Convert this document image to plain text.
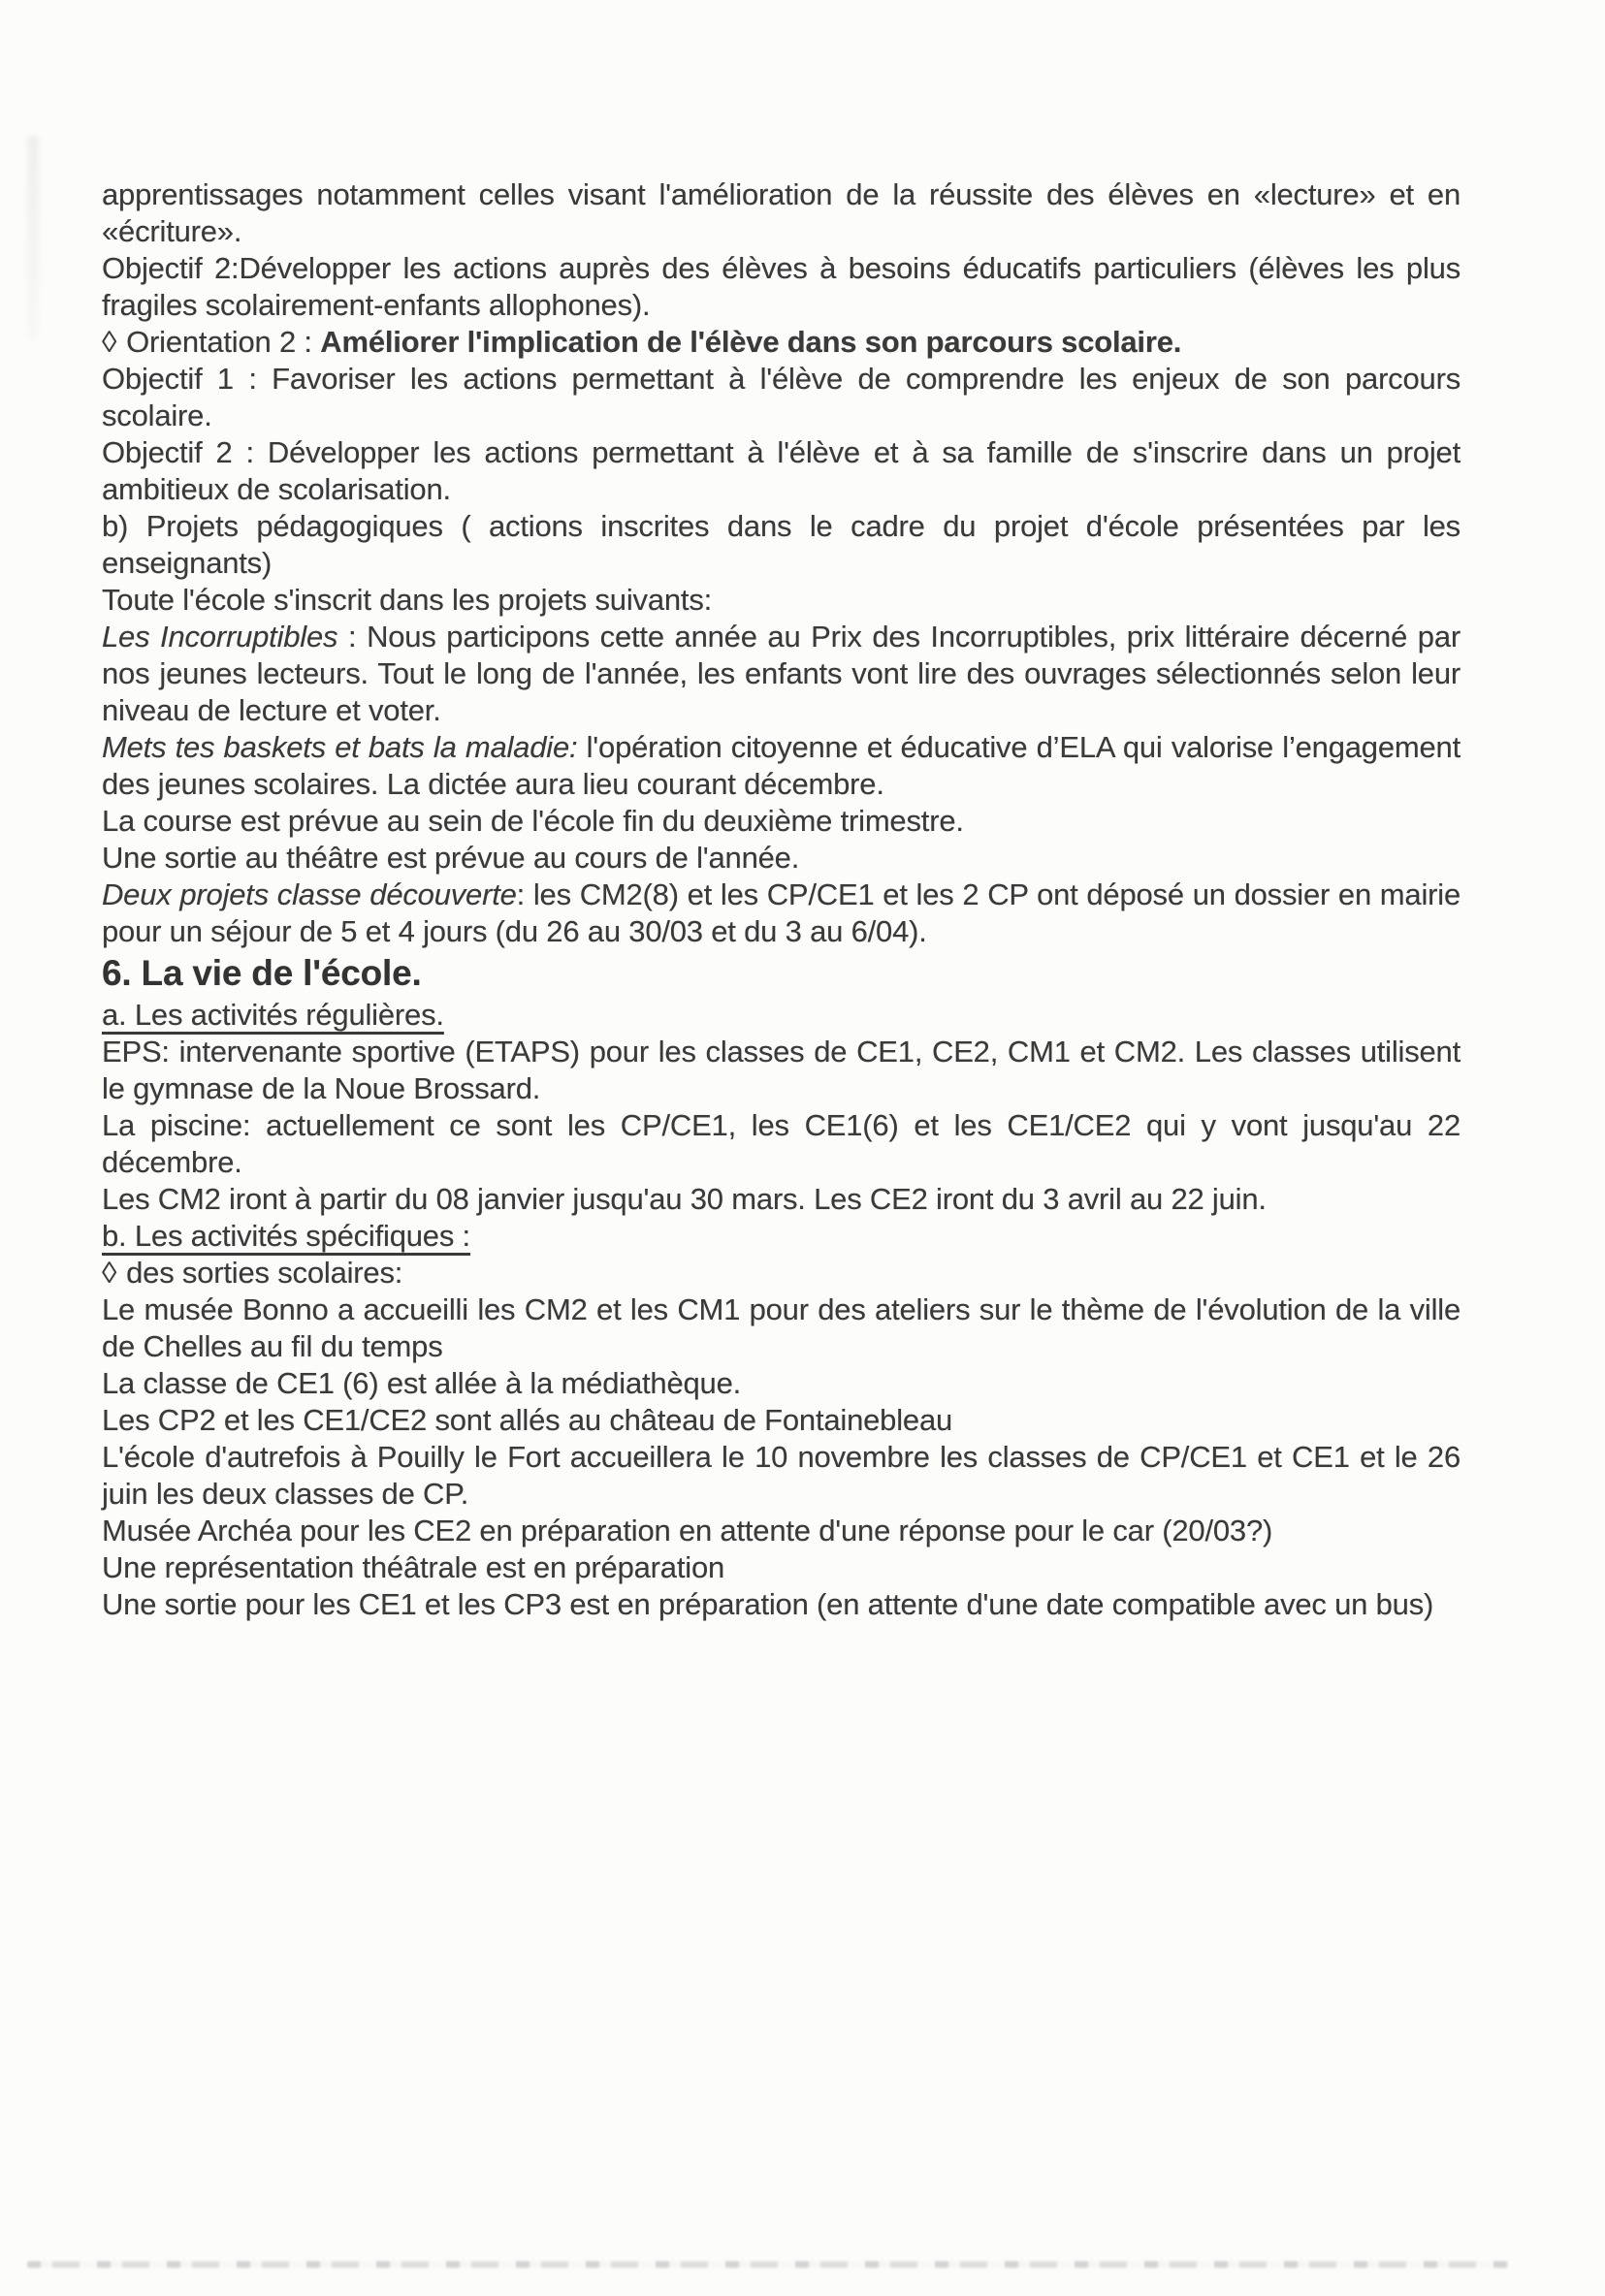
apprentissages notamment celles visant l'amélioration de la réussite des élèves en «lecture» et en «écriture».

Objectif 2:Développer les actions auprès des élèves à besoins éducatifs particuliers (élèves les plus fragiles scolairement-enfants allophones).

◊ Orientation 2 : Améliorer l'implication de l'élève dans son parcours scolaire.

Objectif 1 : Favoriser les actions permettant à l'élève de comprendre les enjeux de son parcours scolaire.

Objectif 2 : Développer les actions permettant à l'élève et à sa famille de s'inscrire dans un projet ambitieux de scolarisation.

b) Projets pédagogiques ( actions inscrites dans le cadre du projet d'école présentées par les enseignants)

Toute l'école s'inscrit dans les projets suivants:

Les Incorruptibles : Nous participons cette année au Prix des Incorruptibles, prix littéraire décerné par nos jeunes lecteurs. Tout le long de l'année, les enfants vont lire des ouvrages sélectionnés selon leur niveau de lecture et voter.

Mets tes baskets et bats la maladie: l'opération citoyenne et éducative d’ELA qui valorise l’engagement des jeunes scolaires. La dictée aura lieu courant décembre.

La course est prévue au sein de l'école fin du deuxième trimestre.

Une sortie au théâtre est prévue au cours de l'année.

Deux projets classe découverte: les CM2(8) et les CP/CE1 et les 2 CP ont déposé un dossier en mairie pour un séjour de 5 et 4 jours (du 26 au 30/03 et du 3 au 6/04).

6. La vie de l'école.

a. Les activités régulières.

EPS: intervenante sportive (ETAPS) pour les classes de CE1, CE2, CM1 et CM2. Les classes utilisent le gymnase de la Noue Brossard.

La piscine: actuellement ce sont les CP/CE1, les CE1(6) et les CE1/CE2 qui y vont jusqu'au 22 décembre.

Les CM2 iront à partir du 08 janvier jusqu'au 30 mars. Les CE2 iront du 3 avril au 22 juin.

b. Les activités spécifiques :

◊ des sorties scolaires:

Le musée Bonno a accueilli les CM2 et les CM1 pour des ateliers sur le thème de l'évolution de la ville de Chelles au fil du temps

La classe de CE1 (6) est allée à la médiathèque.

Les CP2 et les CE1/CE2 sont allés au château de Fontainebleau

L'école d'autrefois à Pouilly le Fort accueillera le 10 novembre les classes de CP/CE1 et CE1 et le 26 juin les deux classes de CP.

Musée Archéa pour les CE2 en préparation en attente d'une réponse pour le car (20/03?)

Une représentation théâtrale est en préparation

Une sortie pour les CE1 et les CP3 est en préparation (en attente d'une date compatible avec un bus)
